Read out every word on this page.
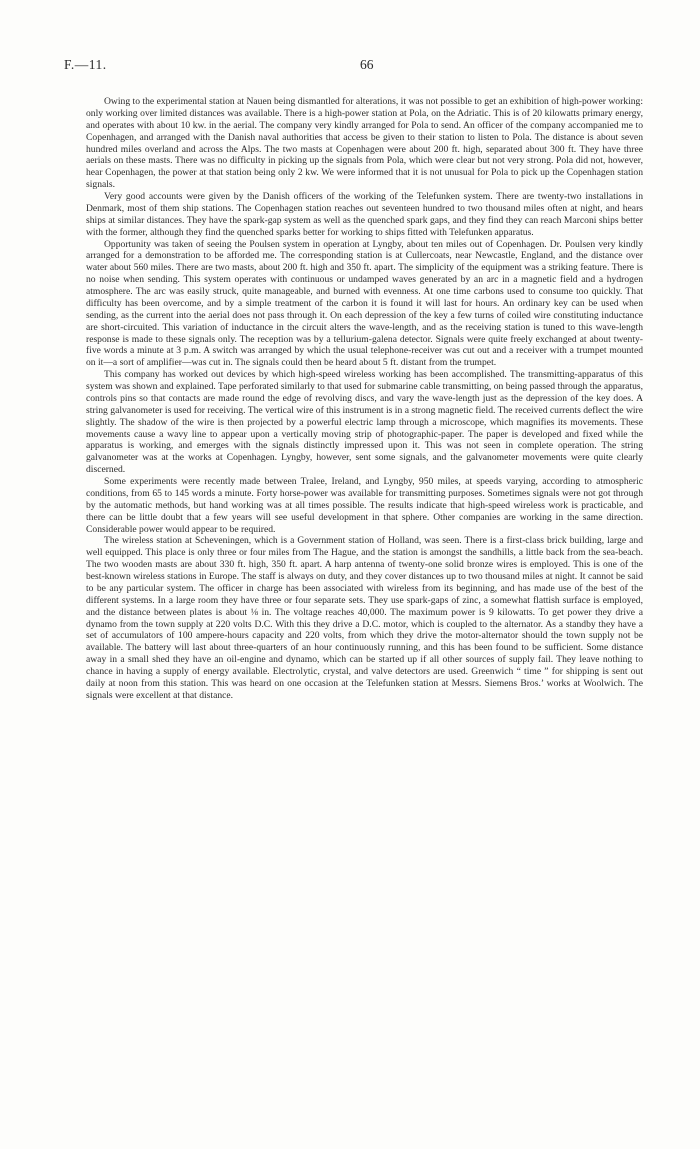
F.—11.	66

Owing to the experimental station at Nauen being dismantled for alterations, it was not possible to get an exhibition of high-power working: only working over limited distances was available. There is a high-power station at Pola, on the Adriatic. This is of 20 kilowatts primary energy, and operates with about 10 kw. in the aerial. The company very kindly arranged for Pola to send. An officer of the company accompanied me to Copenhagen, and arranged with the Danish naval authorities that access be given to their station to listen to Pola. The distance is about seven hundred miles overland and across the Alps. The two masts at Copenhagen were about 200 ft. high, separated about 300 ft. They have three aerials on these masts. There was no difficulty in picking up the signals from Pola, which were clear but not very strong. Pola did not, however, hear Copenhagen, the power at that station being only 2 kw. We were informed that it is not unusual for Pola to pick up the Copenhagen station signals.

Very good accounts were given by the Danish officers of the working of the Telefunken system. There are twenty-two installations in Denmark, most of them ship stations. The Copenhagen station reaches out seventeen hundred to two thousand miles often at night, and hears ships at similar distances. They have the spark-gap system as well as the quenched spark gaps, and they find they can reach Marconi ships better with the former, although they find the quenched sparks better for working to ships fitted with Telefunken apparatus.

Opportunity was taken of seeing the Poulsen system in operation at Lyngby, about ten miles out of Copenhagen. Dr. Poulsen very kindly arranged for a demonstration to be afforded me. The corresponding station is at Cullercoats, near Newcastle, England, and the distance over water about 560 miles. There are two masts, about 200 ft. high and 350 ft. apart. The simplicity of the equipment was a striking feature. There is no noise when sending. This system operates with continuous or undamped waves generated by an arc in a magnetic field and a hydrogen atmosphere. The arc was easily struck, quite manageable, and burned with evenness. At one time carbons used to consume too quickly. That difficulty has been overcome, and by a simple treatment of the carbon it is found it will last for hours. An ordinary key can be used when sending, as the current into the aerial does not pass through it. On each depression of the key a few turns of coiled wire constituting inductance are short-circuited. This variation of inductance in the circuit alters the wave-length, and as the receiving station is tuned to this wave-length response is made to these signals only. The reception was by a tellurium-galena detector. Signals were quite freely exchanged at about twenty-five words a minute at 3 p.m. A switch was arranged by which the usual telephone-receiver was cut out and a receiver with a trumpet mounted on it—a sort of amplifier—was cut in. The signals could then be heard about 5 ft. distant from the trumpet.

This company has worked out devices by which high-speed wireless working has been accomplished. The transmitting-apparatus of this system was shown and explained. Tape perforated similarly to that used for submarine cable transmitting, on being passed through the apparatus, controls pins so that contacts are made round the edge of revolving discs, and vary the wave-length just as the depression of the key does. A string galvanometer is used for receiving. The vertical wire of this instrument is in a strong magnetic field. The received currents deflect the wire slightly. The shadow of the wire is then projected by a powerful electric lamp through a microscope, which magnifies its movements. These movements cause a wavy line to appear upon a vertically moving strip of photographic-paper. The paper is developed and fixed while the apparatus is working, and emerges with the signals distinctly impressed upon it. This was not seen in complete operation. The string galvanometer was at the works at Copenhagen. Lyngby, however, sent some signals, and the galvanometer movements were quite clearly discerned.

Some experiments were recently made between Tralee, Ireland, and Lyngby, 950 miles, at speeds varying, according to atmospheric conditions, from 65 to 145 words a minute. Forty horse-power was available for transmitting purposes. Sometimes signals were not got through by the automatic methods, but hand working was at all times possible. The results indicate that high-speed wireless work is practicable, and there can be little doubt that a few years will see useful development in that sphere. Other companies are working in the same direction. Considerable power would appear to be required.

The wireless station at Scheveningen, which is a Government station of Holland, was seen. There is a first-class brick building, large and well equipped. This place is only three or four miles from The Hague, and the station is amongst the sandhills, a little back from the sea-beach. The two wooden masts are about 330 ft. high, 350 ft. apart. A harp antenna of twenty-one solid bronze wires is employed. This is one of the best-known wireless stations in Europe. The staff is always on duty, and they cover distances up to two thousand miles at night. It cannot be said to be any particular system. The officer in charge has been associated with wireless from its beginning, and has made use of the best of the different systems. In a large room they have three or four separate sets. They use spark-gaps of zinc, a somewhat flattish surface is employed, and the distance between plates is about ⅛ in. The voltage reaches 40,000. The maximum power is 9 kilowatts. To get power they drive a dynamo from the town supply at 220 volts D.C. With this they drive a D.C. motor, which is coupled to the alternator. As a standby they have a set of accumulators of 100 ampere-hours capacity and 220 volts, from which they drive the motor-alternator should the town supply not be available. The battery will last about three-quarters of an hour continuously running, and this has been found to be sufficient. Some distance away in a small shed they have an oil-engine and dynamo, which can be started up if all other sources of supply fail. They leave nothing to chance in having a supply of energy available. Electrolytic, crystal, and valve detectors are used. Greenwich “ time ” for shipping is sent out daily at noon from this station. This was heard on one occasion at the Telefunken station at Messrs. Siemens Bros.’ works at Woolwich. The signals were excellent at that distance.
